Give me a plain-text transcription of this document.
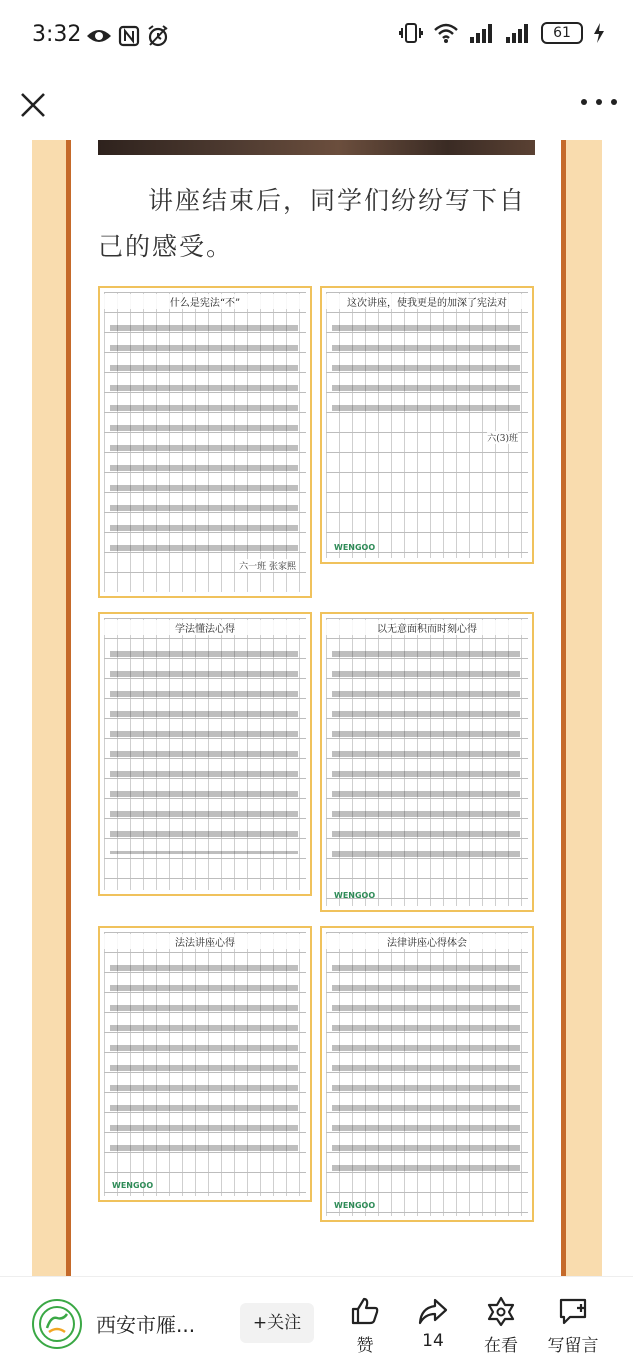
3:32	61
讲座结束后，同学们纷纷写下自己的感受。
什么是宪法“不”
六一班 张家熙
这次讲座，使我更是的加深了宪法对
六(3)班
WENGOO
学法懂法心得	以无意面积而时刻心得
WENGOO
法法讲座心得
WENGOO
法律讲座心得体会
WENGOO
西安市雁...	+关注
赞	14	在看	写留言
